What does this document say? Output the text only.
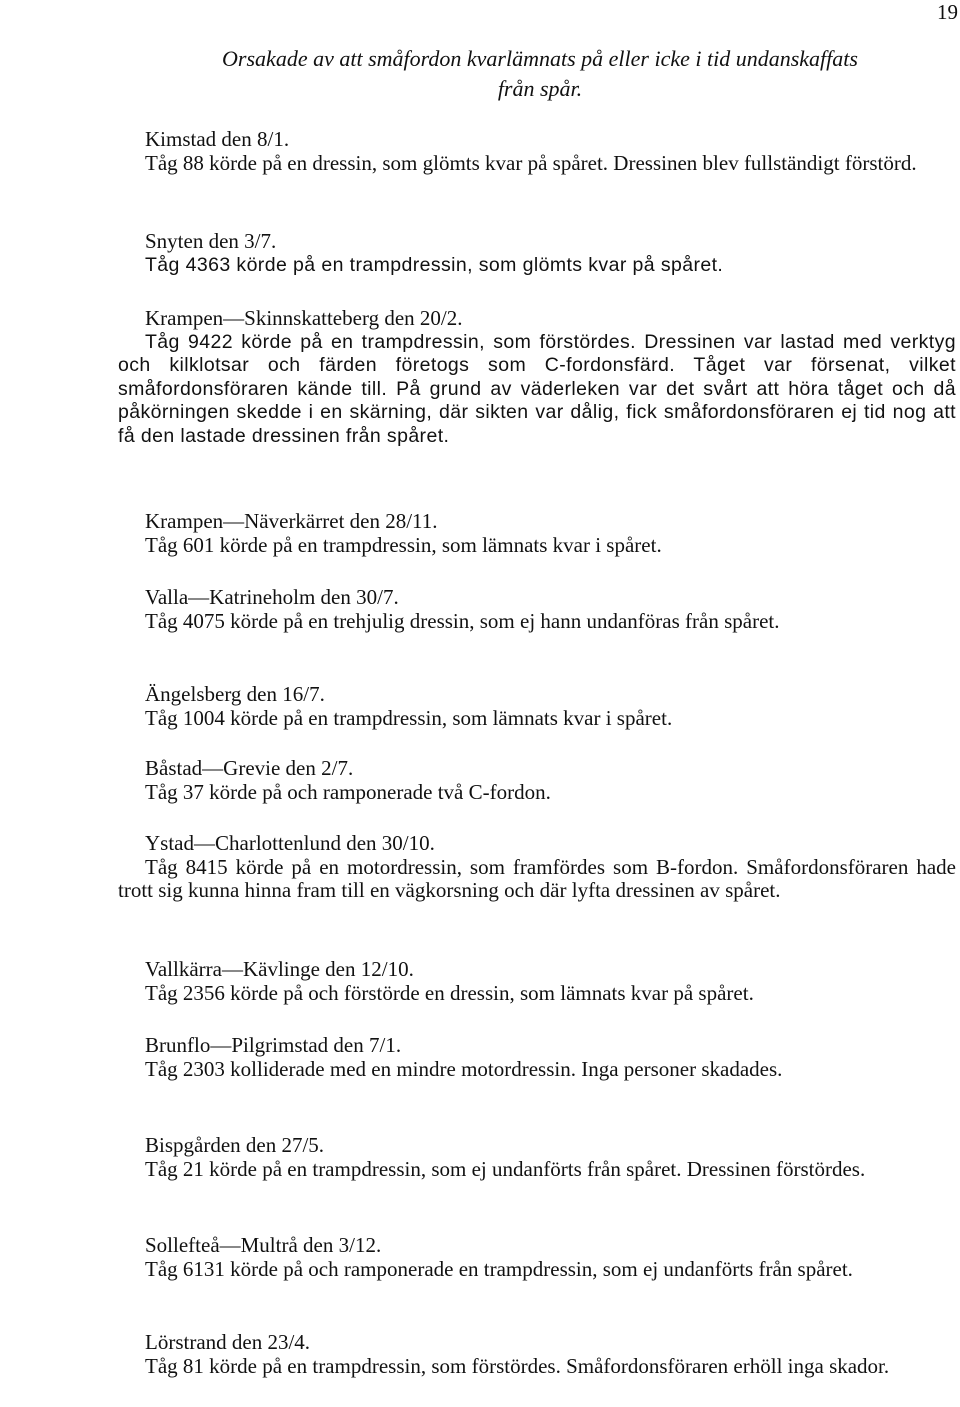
19
Orsakade av att småfordon kvarlämnats på eller icke i tid undanskaffats
från spår.
Kimstad den 8/1.
Tåg 88 körde på en dressin, som glömts kvar på spåret. Dressinen blev fullständigt förstörd.
Snyten den 3/7.
Tåg 4363 körde på en trampdressin, som glömts kvar på spåret.
Krampen—Skinnskatteberg den 20/2.
Tåg 9422 körde på en trampdressin, som förstördes. Dressinen var lastad med verktyg och kilklotsar och färden företogs som C-fordonsfärd. Tåget var försenat, vilket småfordonsföraren kände till. På grund av väderleken var det svårt att höra tåget och då påkörningen skedde i en skärning, där sikten var dålig, fick småfordonsföraren ej tid nog att få den lastade dressinen från spåret.
Krampen—Näverkärret den 28/11.
Tåg 601 körde på en trampdressin, som lämnats kvar i spåret.
Valla—Katrineholm den 30/7.
Tåg 4075 körde på en trehjulig dressin, som ej hann undanföras från spåret.
Ängelsberg den 16/7.
Tåg 1004 körde på en trampdressin, som lämnats kvar i spåret.
Båstad—Grevie den 2/7.
Tåg 37 körde på och ramponerade två C-fordon.
Ystad—Charlottenlund den 30/10.
Tåg 8415 körde på en motordressin, som framfördes som B-fordon. Småfordonsföraren hade trott sig kunna hinna fram till en vägkorsning och där lyfta dressinen av spåret.
Vallkärra—Kävlinge den 12/10.
Tåg 2356 körde på och förstörde en dressin, som lämnats kvar på spåret.
Brunflo—Pilgrimstad den 7/1.
Tåg 2303 kolliderade med en mindre motordressin. Inga personer skadades.
Bispgården den 27/5.
Tåg 21 körde på en trampdressin, som ej undanförts från spåret. Dressinen förstördes.
Sollefteå—Multrå den 3/12.
Tåg 6131 körde på och ramponerade en trampdressin, som ej undanförts från spåret.
Lörstrand den 23/4.
Tåg 81 körde på en trampdressin, som förstördes. Småfordonsföraren erhöll inga skador.
